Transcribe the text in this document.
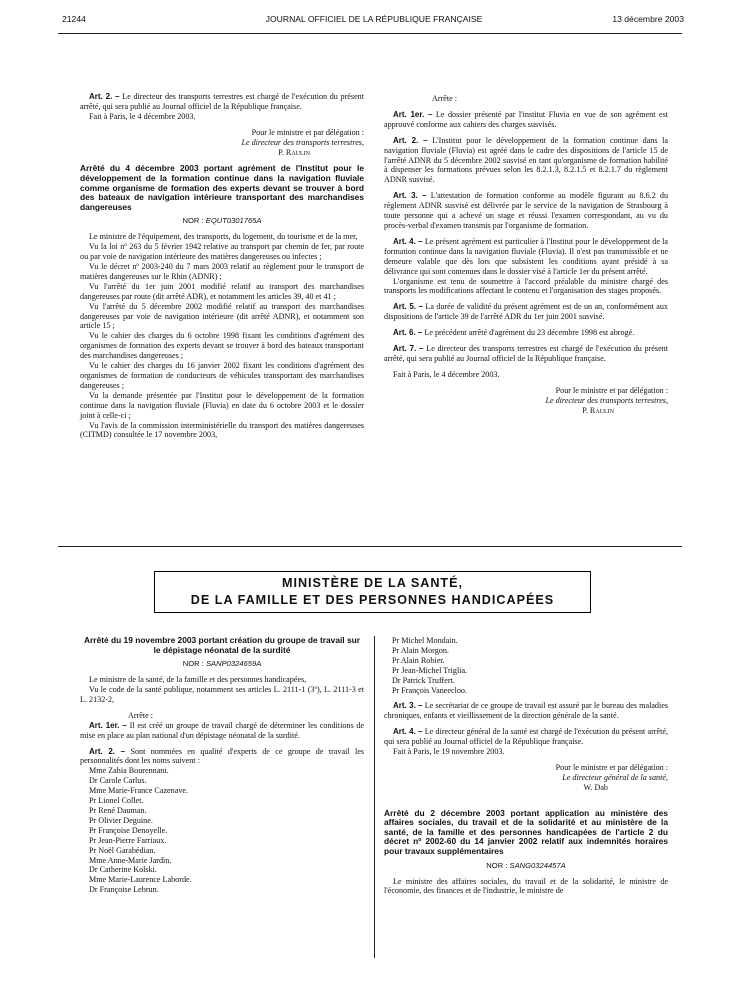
21244	JOURNAL OFFICIEL DE LA RÉPUBLIQUE FRANÇAISE	13 décembre 2003

Art. 2. – Le directeur des transports terrestres est chargé de l'exécution du présent arrêté, qui sera publié au Journal officiel de la République française.

Fait à Paris, le 4 décembre 2003.

Pour le ministre et par délégation :

Le directeur des transports terrestres,

P. Raulin

Arrêté du 4 décembre 2003 portant agrément de l'Institut pour le développement de la formation continue dans la navigation fluviale comme organisme de formation des experts devant se trouver à bord des bateaux de navigation intérieure transportant des marchandises dangereuses

NOR : EQUT0301765A

Le ministre de l'équipement, des transports, du logement, du tourisme et de la mer,

Vu la loi nº 263 du 5 février 1942 relative au transport par chemin de fer, par route ou par voie de navigation intérieure des matières dangereuses ou infectes ;

Vu le décret nº 2003-240 du 7 mars 2003 relatif au règlement pour le transport de matières dangereuses sur le Rhin (ADNR) ;

Vu l'arrêté du 1er juin 2001 modifié relatif au transport des marchandises dangereuses par route (dit arrêté ADR), et notamment les articles 39, 40 et 41 ;

Vu l'arrêté du 5 décembre 2002 modifié relatif au transport des marchandises dangereuses par voie de navigation intérieure (dit arrêté ADNR), et notamment son article 15 ;

Vu le cahier des charges du 6 octobre 1998 fixant les conditions d'agrément des organismes de formation des experts devant se trouver à bord des bateaux transportant des marchandises dangereuses ;

Vu le cahier des charges du 16 janvier 2002 fixant les conditions d'agrément des organismes de formation de conducteurs de véhicules transportant des marchandises dangereuses ;

Vu la demande présentée par l'Institut pour le développement de la formation continue dans la navigation fluviale (Fluvia) en date du 6 octobre 2003 et le dossier joint à celle-ci ;

Vu l'avis de la commission interministérielle du transport des matières dangereuses (CITMD) consultée le 17 novembre 2003,

Arrête :

Art. 1er. – Le dossier présenté par l'institut Fluvia en vue de son agrément est approuvé conforme aux cahiers des charges susvisés.

Art. 2. – L'Institut pour le développement de la formation continue dans la navigation fluviale (Fluvia) est agréé dans le cadre des dispositions de l'article 15 de l'arrêté ADNR du 5 décembre 2002 susvisé en tant qu'organisme de formation habilité à dispenser les formations prévues selon les 8.2.1.3, 8.2.1.5 et 8.2.1.7 du règlement ADNR susvisé.

Art. 3. – L'attestation de formation conforme au modèle figurant au 8.6.2 du règlement ADNR susvisé est délivrée par le service de la navigation de Strasbourg à toute personne qui a achevé un stage et réussi l'examen correspondant, au vu du procès-verbal d'examen transmis par l'organisme de formation.

Art. 4. – Le présent agrément est particulier à l'Institut pour le développement de la formation continue dans la navigation fluviale (Fluvia). Il n'est pas transmissible et ne demeure valable que dès lors que subsistent les conditions ayant présidé à sa délivrance qui sont contenues dans le dossier visé à l'article 1er du présent arrêté.

L'organisme est tenu de soumettre à l'accord préalable du ministre chargé des transports les modifications affectant le contenu et l'organisation des stages proposés.

Art. 5. – La durée de validité du présent agrément est de un an, conformément aux dispositions de l'article 39 de l'arrêté ADR du 1er juin 2001 susvisé.

Art. 6. – Le précédent arrêté d'agrément du 23 décembre 1998 est abrogé.

Art. 7. – Le directeur des transports terrestres est chargé de l'exécution du présent arrêté, qui sera publié au Journal officiel de la République française.

Fait à Paris, le 4 décembre 2003.

Pour le ministre et par délégation :

Le directeur des transports terrestres,

P. Raulin

MINISTÈRE DE LA SANTÉ,
DE LA FAMILLE ET DES PERSONNES HANDICAPÉES

Arrêté du 19 novembre 2003 portant création du groupe de travail sur le dépistage néonatal de la surdité

NOR : SANP0324659A

Le ministre de la santé, de la famille et des personnes handicapées,

Vu le code de la santé publique, notamment ses articles L. 2111-1 (3º), L. 2111-3 et L. 2132-2,

Arrête :

Art. 1er. – Il est créé un groupe de travail chargé de déterminer les conditions de mise en place au plan national d'un dépistage néonatal de la surdité.

Art. 2. – Sont nommées en qualité d'experts de ce groupe de travail les personnalités dont les noms suivent :

Mme Zahia Bourennani.

Dr Carole Carlus.

Mme Marie-France Cazenave.

Pr Lionel Collet.

Pr René Dauman.

Pr Olivier Deguine.

Pr Françoise Denoyelle.

Pr Jean-Pierre Farriaux.

Pr Noël Garabédian.

Mme Anne-Marie Jardin.

Dr Catherine Kolski.

Mme Marie-Laurence Laborde.

Dr Françoise Lebrun.

Pr Michel Mondain.

Pr Alain Morgon.

Pr Alain Robier.

Pr Jean-Michel Triglia.

Dr Patrick Truffert.

Pr François Vaneecloo.

Art. 3. – Le secrétariat de ce groupe de travail est assuré par le bureau des maladies chroniques, enfants et vieillissement de la direction générale de la santé.

Art. 4. – Le directeur général de la santé est chargé de l'exécution du présent arrêté, qui sera publié au Journal officiel de la République française.

Fait à Paris, le 19 novembre 2003.

Pour le ministre et par délégation :

Le directeur général de la santé,

W. Dab

Arrêté du 2 décembre 2003 portant application au ministère des affaires sociales, du travail et de la solidarité et au ministère de la santé, de la famille et des personnes handicapées de l'article 2 du décret nº 2002-60 du 14 janvier 2002 relatif aux indemnités horaires pour travaux supplémentaires

NOR : SANG0324457A

Le ministre des affaires sociales, du travail et de la solidarité, le ministre de l'économie, des finances et de l'industrie, le ministre de
